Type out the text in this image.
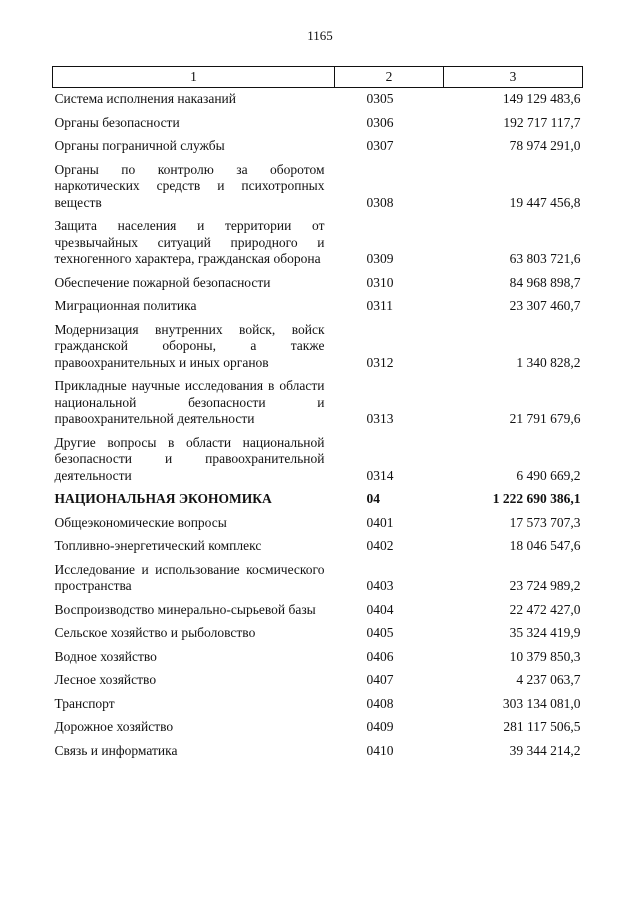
1165
1	2	3
Система исполнения наказаний	0305	149 129 483,6
Органы безопасности	0306	192 717 117,7
Органы пограничной службы	0307	78 974 291,0
Органы по контролю за оборотом наркотических средств и психотропных веществ	0308	19 447 456,8
Защита населения и территории от чрезвычайных ситуаций природного и техногенного характера, гражданская оборона	0309	63 803 721,6
Обеспечение пожарной безопасности	0310	84 968 898,7
Миграционная политика	0311	23 307 460,7
Модернизация внутренних войск, войск гражданской обороны, а также правоохранительных и иных органов	0312	1 340 828,2
Прикладные научные исследования в области национальной безопасности и правоохранительной деятельности	0313	21 791 679,6
Другие вопросы в области национальной безопасности и правоохранительной деятельности	0314	6 490 669,2
НАЦИОНАЛЬНАЯ ЭКОНОМИКА	04	1 222 690 386,1
Общеэкономические вопросы	0401	17 573 707,3
Топливно-энергетический комплекс	0402	18 046 547,6
Исследование и использование космического пространства	0403	23 724 989,2
Воспроизводство минерально-сырьевой базы	0404	22 472 427,0
Сельское хозяйство и рыболовство	0405	35 324 419,9
Водное хозяйство	0406	10 379 850,3
Лесное хозяйство	0407	4 237 063,7
Транспорт	0408	303 134 081,0
Дорожное хозяйство	0409	281 117 506,5
Связь и информатика	0410	39 344 214,2
